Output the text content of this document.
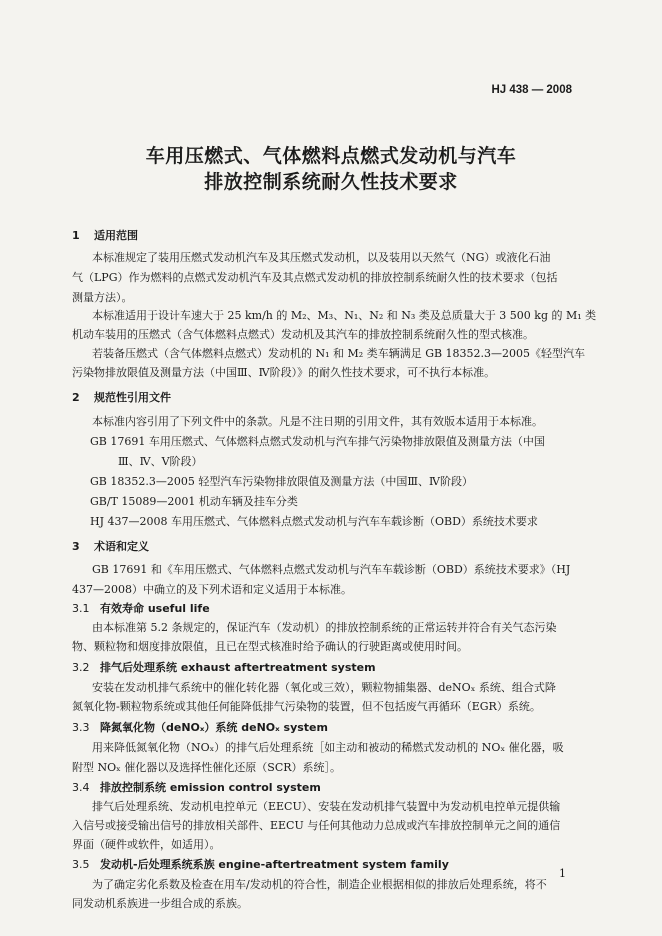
HJ 438 — 2008
车用压燃式、气体燃料点燃式发动机与汽车
排放控制系统耐久性技术要求
1 适用范围
本标准规定了装用压燃式发动机汽车及其压燃式发动机，以及装用以天然气（NG）或液化石油
气（LPG）作为燃料的点燃式发动机汽车及其点燃式发动机的排放控制系统耐久性的技术要求（包括
测量方法）。
本标准适用于设计车速大于 25 km/h 的 M₂、M₃、N₁、N₂ 和 N₃ 类及总质量大于 3 500 kg 的 M₁ 类
机动车装用的压燃式（含气体燃料点燃式）发动机及其汽车的排放控制系统耐久性的型式核准。
若装备压燃式（含气体燃料点燃式）发动机的 N₁ 和 M₂ 类车辆满足 GB 18352.3—2005《轻型汽车
污染物排放限值及测量方法（中国Ⅲ、Ⅳ阶段）》的耐久性技术要求，可不执行本标准。
2 规范性引用文件
本标准内容引用了下列文件中的条款。凡是不注日期的引用文件，其有效版本适用于本标准。
GB 17691 车用压燃式、气体燃料点燃式发动机与汽车排气污染物排放限值及测量方法（中国
Ⅲ、Ⅳ、Ⅴ阶段）
GB 18352.3—2005 轻型汽车污染物排放限值及测量方法（中国Ⅲ、Ⅳ阶段）
GB/T 15089—2001 机动车辆及挂车分类
HJ 437—2008 车用压燃式、气体燃料点燃式发动机与汽车车载诊断（OBD）系统技术要求
3 术语和定义
GB 17691 和《车用压燃式、气体燃料点燃式发动机与汽车车载诊断（OBD）系统技术要求》（HJ
437—2008）中确立的及下列术语和定义适用于本标准。
3.1 有效寿命 useful life
由本标准第 5.2 条规定的，保证汽车（发动机）的排放控制系统的正常运转并符合有关气态污染
物、颗粒物和烟度排放限值，且已在型式核准时给予确认的行驶距离或使用时间。
3.2 排气后处理系统 exhaust aftertreatment system
安装在发动机排气系统中的催化转化器（氧化或三效），颗粒物捕集器、deNOₓ 系统、组合式降
氮氧化物-颗粒物系统或其他任何能降低排气污染物的装置，但不包括废气再循环（EGR）系统。
3.3 降氮氧化物（deNOₓ）系统 deNOₓ system
用来降低氮氧化物（NOₓ）的排气后处理系统［如主动和被动的稀燃式发动机的 NOₓ 催化器，吸
附型 NOₓ 催化器以及选择性催化还原（SCR）系统］。
3.4 排放控制系统 emission control system
排气后处理系统、发动机电控单元（EECU）、安装在发动机排气装置中为发动机电控单元提供输
入信号或接受输出信号的排放相关部件、EECU 与任何其他动力总成或汽车排放控制单元之间的通信
界面（硬件或软件，如适用）。
3.5 发动机-后处理系统系族 engine-aftertreatment system family
为了确定劣化系数及检查在用车/发动机的符合性，制造企业根据相似的排放后处理系统，将不
同发动机系族进一步组合成的系族。
1
